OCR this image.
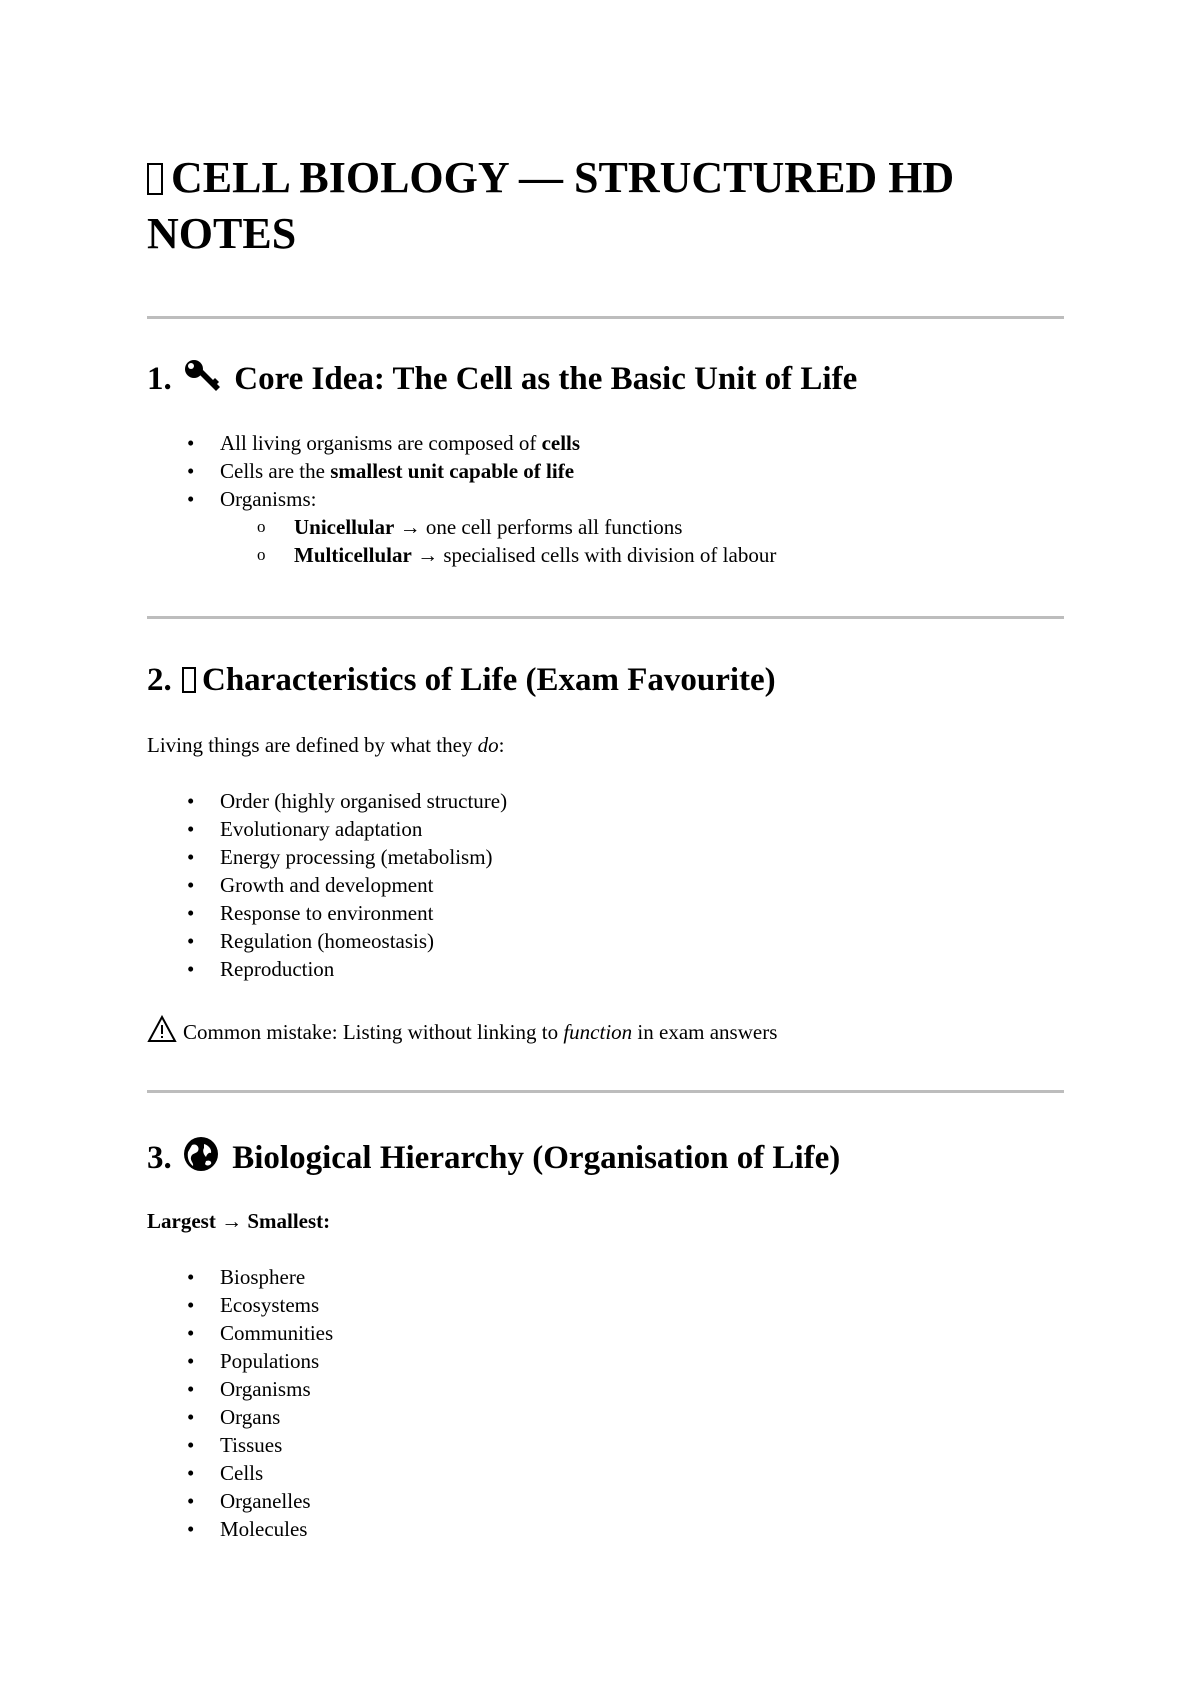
CELL BIOLOGY — STRUCTURED HD NOTES
1. Core Idea: The Cell as the Basic Unit of Life
• All living organisms are composed of cells
• Cells are the smallest unit capable of life
• Organisms:
o Unicellular → one cell performs all functions
o Multicellular → specialised cells with division of labour
2. Characteristics of Life (Exam Favourite)

Living things are defined by what they do:

• Order (highly organised structure)
• Evolutionary adaptation
• Energy processing (metabolism)
• Growth and development
• Response to environment
• Regulation (homeostasis)
• Reproduction

Common mistake: Listing without linking to function in exam answers

3. Biological Hierarchy (Organisation of Life)

Largest → Smallest:

• Biosphere
• Ecosystems
• Communities
• Populations
• Organisms
• Organs
• Tissues
• Cells
• Organelles
• Molecules
